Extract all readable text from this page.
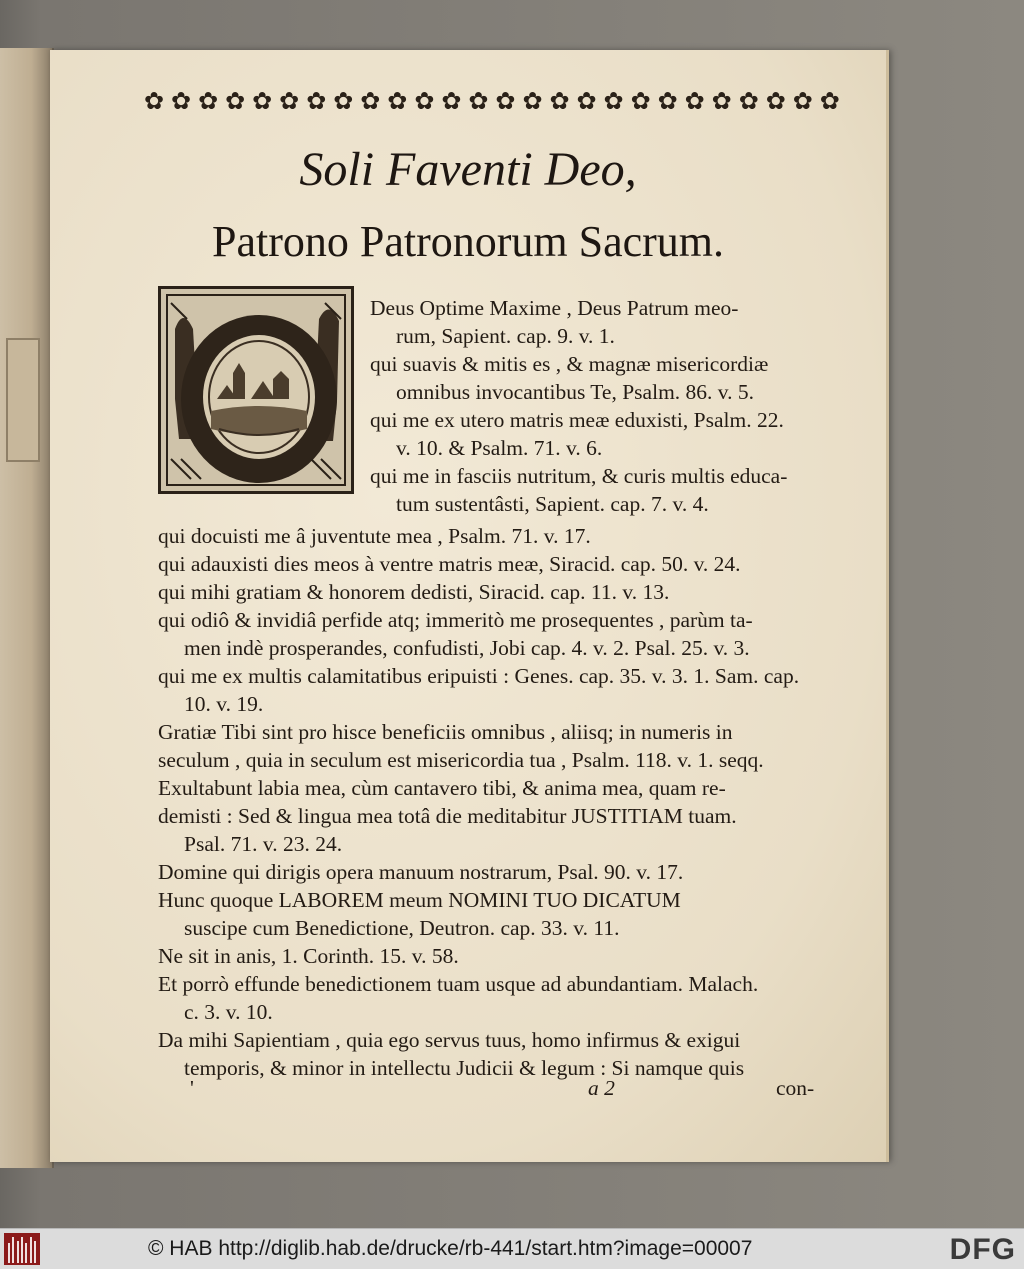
✿ ✿ ✿ ✿ ✿ ✿ ✿ ✿ ✿ ✿ ✿ ✿ ✿ ✿ ✿ ✿ ✿ ✿ ✿ ✿ ✿ ✿ ✿ ✿ ✿ ✿
Soli Faventi Deo,
Patrono Patronorum Sacrum.
Deus Optime Maxime , Deus Patrum meo-
rum, Sapient. cap. 9. v. 1.
qui suavis & mitis es , & magnæ misericordiæ
omnibus invocantibus Te, Psalm. 86. v. 5.
qui me ex utero matris meæ eduxisti, Psalm. 22.
v. 10. & Psalm. 71. v. 6.
qui me in fasciis nutritum, & curis multis educa-
tum sustentâsti, Sapient. cap. 7. v. 4.
qui docuisti me â juventute mea , Psalm. 71. v. 17.
qui adauxisti dies meos à ventre matris meæ, Siracid. cap. 50. v. 24.
qui mihi gratiam & honorem dedisti, Siracid. cap. 11. v. 13.
qui odiô & invidiâ perfide atq; immeritò me prosequentes , parùm ta-
men indè prosperandes, confudisti, Jobi cap. 4. v. 2. Psal. 25. v. 3.
qui me ex multis calamitatibus eripuisti : Genes. cap. 35. v. 3. 1. Sam. cap.
10. v. 19.
Gratiæ Tibi sint pro hisce beneficiis omnibus , aliisq; in numeris in
seculum , quia in seculum est misericordia tua , Psalm. 118. v. 1. seqq.
Exultabunt labia mea, cùm cantavero tibi, & anima mea, quam re-
demisti : Sed & lingua mea totâ die meditabitur JUSTITIAM tuam.
Psal. 71. v. 23. 24.
Domine qui dirigis opera manuum nostrarum, Psal. 90. v. 17.
Hunc quoque LABOREM meum NOMINI TUO DICATUM
suscipe cum Benedictione, Deutron. cap. 33. v. 11.
Ne sit in anis, 1. Corinth. 15. v. 58.
Et porrò effunde benedictionem tuam usque ad abundantiam. Malach.
c. 3. v. 10.
Da mihi Sapientiam , quia ego servus tuus, homo infirmus & exigui
temporis, & minor in intellectu Judicii & legum : Si namque quis
'	a 2	con-
© HAB http://diglib.hab.de/drucke/rb-441/start.htm?image=00007	DFG
